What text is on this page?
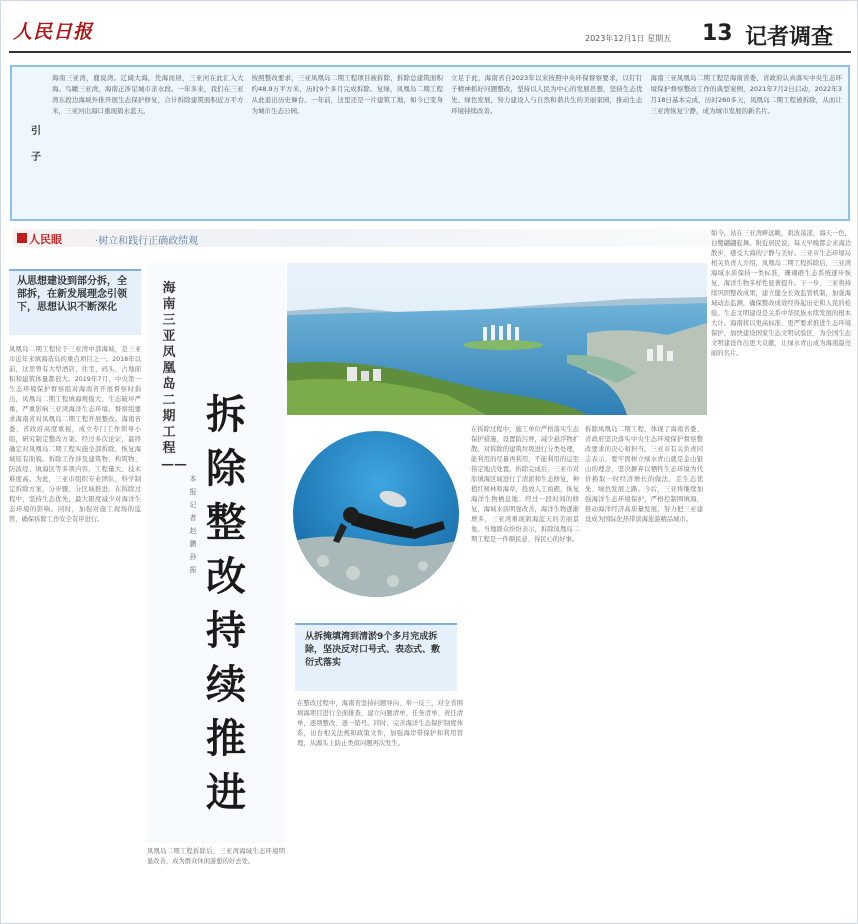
人民日报	2023年12月1日 星期五 13 记者调查
引子
海南三亚湾，鹿说湾。辽阔大海，凭海而居，三亚河在此汇入大海。鸟瞰三亚湾，海南正涉足城市亲水段。一年多来，我们在三亚湾东段边海域外推开展生态保护修复，合计拆除建筑面积近万平方米，三亚河出海口重现碧水蓝天。
按照整改要求，三亚凤凰岛二期工程项目被拆除，拆除总建筑面积约48.9万平方米，历时9个多月完成拆除、复绿，凤凰岛二期工程从此退出历史舞台。一年前，这里还是一片建筑工地，如今已变身为城市生态公园。
立足于此，海南省自2023年以来按照中央环保督察要求，以钉钉子精神抓好问题整改，坚持以人民为中心的发展思想，坚持生态优先、绿色发展，努力建设人与自然和谐共生的美丽家园，推动生态环境持续改善。
海南三亚凤凰岛二期工程是海南省委、省政府认真落实中央生态环境保护督察整改工作的典型案例，2021年7月2日启动，2022年3月18日基本完成，历时260多天，凤凰岛二期工程被拆除，从而让三亚湾恢复宁静，成为城市发展的新名片。
人民眼	·树立和践行正确政绩观
从思想建设到部分拆，全部拆，在新发展理念引领下，思想认识不断深化
凤凰岛二期工程位于三亚湾中部海域，是三亚市近年来填海造岛的重点项目之一。2018年以前，这里曾有大型酒店、住宅、码头，占地面积和建筑体量都很大。2019年7月，中央第一生态环境保护督察组对海南省开展督察时指出，凤凰岛二期工程填海规模大、生态破坏严重，严重影响三亚湾海洋生态环境。督察组要求海南省对凤凰岛二期工程开展整改。海南省委、省政府高度重视，成立专门工作领导小组，研究制定整改方案。经过多次论证，最终确定对凤凰岛二期工程实施全部拆除，恢复海域原有面貌。拆除工作涉及建筑物、构筑物、防波堤、填海区等多项内容，工程量大、技术难度高。为此，三亚市组织专业团队，科学制定拆除方案，分步骤、分区域推进。在拆除过程中，坚持生态优先，最大限度减少对海洋生态环境的影响。同时，加强对施工现场的监管，确保拆除工作安全有序进行。
海南三亚凤凰岛二期工程——
本报记者 赵 鹏 孙 振
拆除整改持续推进
从拆掩填湾到清淤9个多月完成拆除，坚决反对口号式、表态式、敷衍式落实
在拆除过程中，施工单位严格落实生态保护措施，设置防污屏，减少悬浮物扩散。对拆除的建筑垃圾进行分类处理，能利用的尽量再利用，不能利用的运至指定地点处置。拆除完成后，三亚市对原填海区域进行了清淤和生态修复，种植红树林和海草，投放人工鱼礁，恢复海洋生物栖息地。经过一段时间的修复，海域水质明显改善，海洋生物逐渐增多，三亚湾重现碧海蓝天的美丽景象。当地群众纷纷表示，拆除凤凰岛二期工程是一件顺民意、得民心的好事。
拆除凤凰岛二期工程，体现了海南省委、省政府坚决落实中央生态环境保护督察整改要求的决心和担当。三亚市有关负责同志表示，要牢固树立绿水青山就是金山银山的理念，坚决摒弃以牺牲生态环境为代价换取一时经济增长的做法，走生态优先、绿色发展之路。今后，三亚将继续加强海洋生态环境保护，严格控制围填海，推动海洋经济高质量发展，努力把三亚建设成为国际化热带滨海旅游精品城市。
在整改过程中，海南省坚持问题导向，举一反三，对全省围填海项目进行全面排查，建立问题清单、任务清单、责任清单，逐项整改、逐一销号。同时，完善海洋生态保护制度体系，出台相关法规和政策文件，加强海岸带保护和利用管理，从源头上防止类似问题再次发生。
凤凰岛二期工程拆除后，三亚湾海域生态环境明显改善，成为群众休闲游憩的好去处。
如今，站在三亚湾畔远眺，碧波荡漾，海天一色，白鹭翩翩起舞。附近居民说，每天早晚都会来海边散步，感受大海的宁静与美好。三亚市生态环境局相关负责人介绍，凤凰岛二期工程拆除后，三亚湾海域水质保持一类标准，珊瑚礁生态系统逐步恢复，海洋生物多样性显著提升。下一步，三亚将持续巩固整改成果，建立健全长效监管机制，加强海域动态监测，确保整改成效经得起历史和人民的检验。生态文明建设是关系中华民族永续发展的根本大计。海南将以更高标准、更严要求推进生态环境保护，加快建设国家生态文明试验区，为全国生态文明建设作出更大贡献，让绿水青山成为海南最亮丽的名片。
